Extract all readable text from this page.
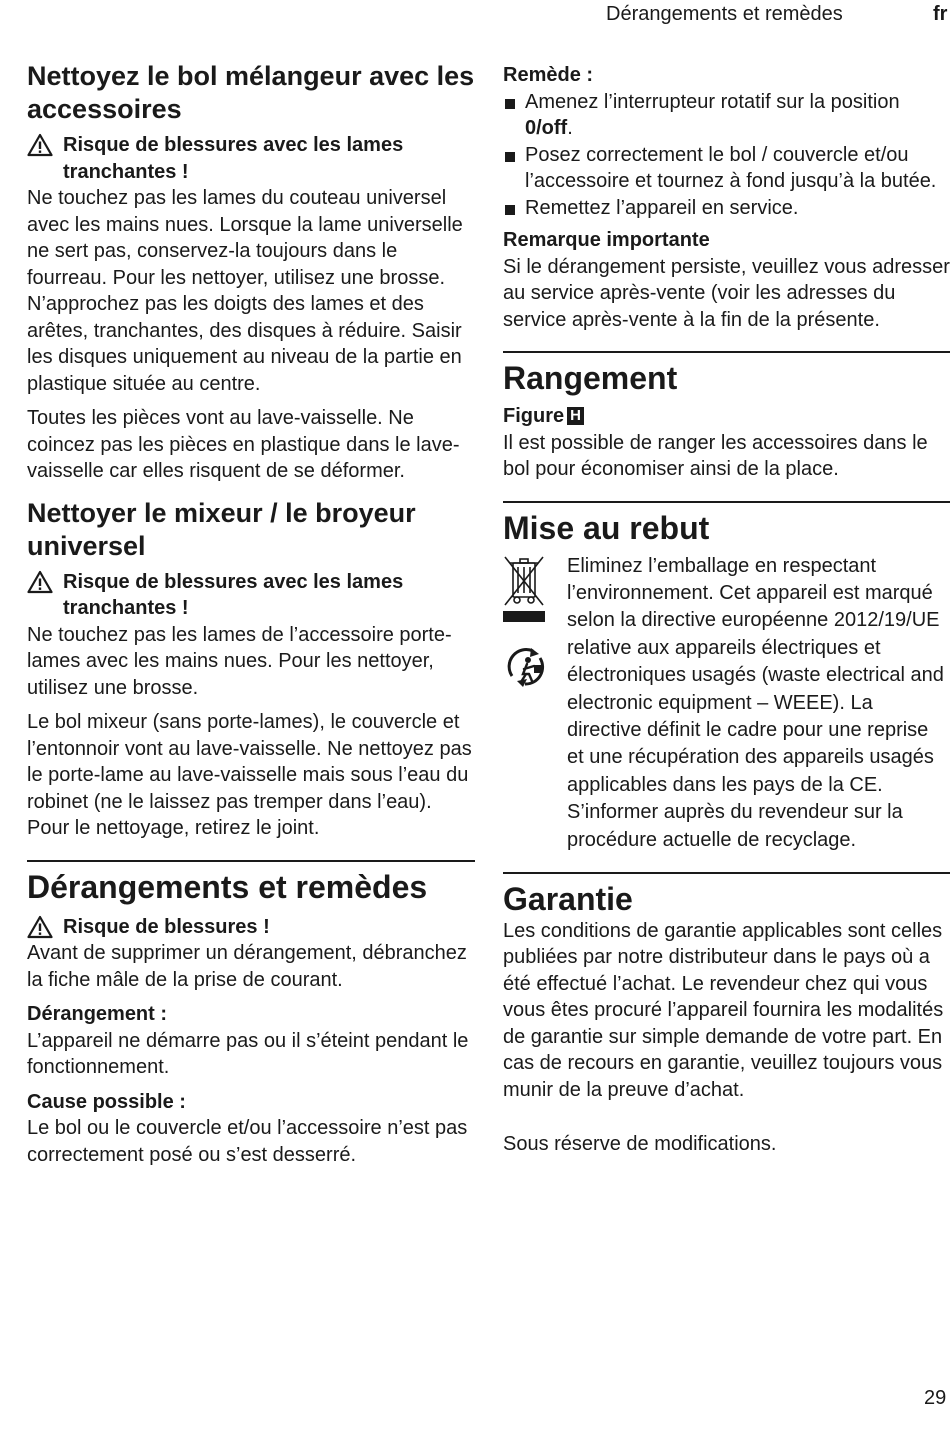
Dérangements et remèdes	fr
Nettoyez le bol mélangeur avec les accessoires
Risque de blessures avec les lames tranchantes !

Ne touchez pas les lames du couteau universel avec les mains nues. Lorsque la lame universelle ne sert pas, conservez-la toujours dans le fourreau. Pour les nettoyer, utilisez une brosse. N’approchez pas les doigts des lames et des arêtes, tranchantes, des disques à réduire. Saisir les disques uniquement au niveau de la partie en plastique située au centre.

Toutes les pièces vont au lave-vaisselle. Ne coincez pas les pièces en plastique dans le lave-vaisselle car elles risquent de se déformer.

Nettoyer le mixeur / le broyeur universel
Risque de blessures avec les lames tranchantes !

Ne touchez pas les lames de l’accessoire porte-lames avec les mains nues. Pour les nettoyer, utilisez une brosse.

Le bol mixeur (sans porte-lames), le couvercle et l’entonnoir vont au lave-vaisselle. Ne nettoyez pas le porte-lame au lave-vaisselle mais sous l’eau du robinet (ne le laissez pas tremper dans l’eau). Pour le nettoyage, retirez le joint.

Dérangements et remèdes
Risque de blessures !

Avant de supprimer un dérangement, débranchez la fiche mâle de la prise de courant.

Dérangement :

L’appareil ne démarre pas ou il s’éteint pendant le fonctionnement.

Cause possible :

Le bol ou le couvercle et/ou l’accessoire n’est pas correctement posé ou s’est desserré.

Remède :

Amenez l’interrupteur rotatif sur la position 0/off.
Posez correctement le bol / couvercle et/ou l’accessoire et tournez à fond jusqu’à la butée.
Remettez l’appareil en service.

Remarque importante

Si le dérangement persiste, veuillez vous adresser au service après-vente (voir les adresses du service après-vente à la fin de la présente.

Rangement

Figure H

Il est possible de ranger les accessoires dans le bol pour économiser ainsi de la place.

Mise au rebut

Eliminez l’emballage en respectant l’environnement. Cet appareil est marqué selon la directive européenne 2012/19/UE relative aux appareils électriques et électroniques usagés (waste electrical and electronic equipment – WEEE). La directive définit le cadre pour une reprise et une récupération des appareils usagés applicables dans les pays de la CE. S’informer auprès du revendeur sur la procédure actuelle de recyclage.

Garantie

Les conditions de garantie applicables sont celles publiées par notre distributeur dans le pays où a été effectué l’achat. Le revendeur chez qui vous vous êtes procuré l’appareil fournira les modalités de garantie sur simple demande de votre part. En cas de recours en garantie, veuillez toujours vous munir de la preuve d’achat.

Sous réserve de modifications.

29
